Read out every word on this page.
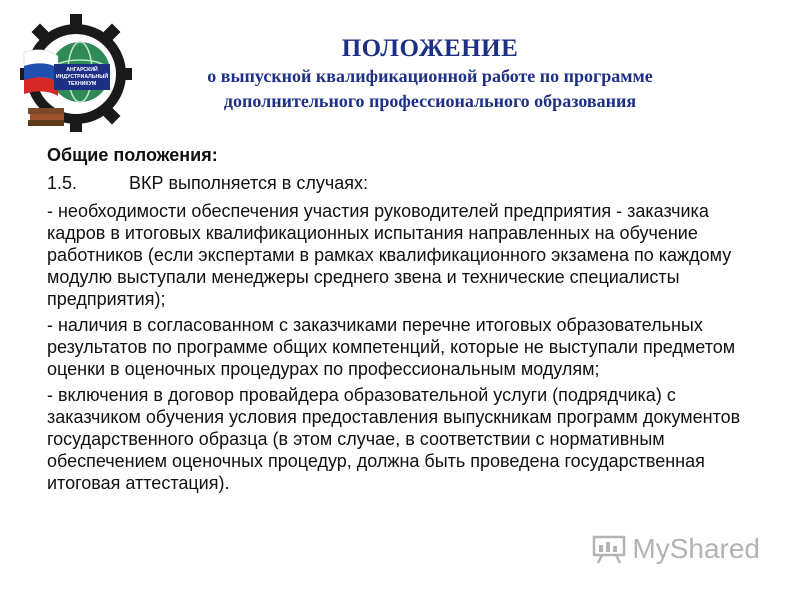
АНГАРСКИЙ
ИНДУСТРИАЛЬНЫЙ
ТЕХНИКУМ
ПОЛОЖЕНИЕ
о выпускной квалификационной работе по программе
дополнительного профессионального образования
Общие положения:
1.5.	ВКР выполняется в случаях:
- необходимости обеспечения участия руководителей предприятия - заказчика кадров в итоговых квалификационных испытания направленных на обучение работников (если экспертами в рамках квалификационного экзамена по каждому модулю выступали менеджеры среднего звена и технические специалисты предприятия);
- наличия в согласованном с заказчиками перечне итоговых образовательных результатов по программе общих компетенций, которые не выступали предметом оценки в оценочных процедурах по профессиональным модулям;
- включения в договор провайдера образовательной услуги (подрядчика) с заказчиком обучения условия предоставления выпускникам программ документов государственного образца (в этом случае, в соответствии с нормативным обеспечением оценочных процедур, должна быть проведена государственная итоговая аттестация).
MyShared
